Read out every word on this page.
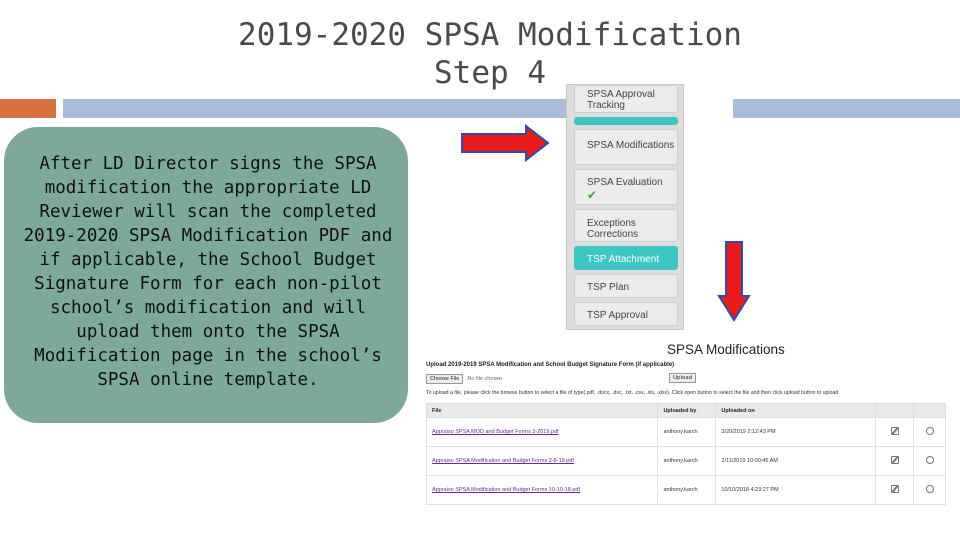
2019-2020 SPSA Modification
Step 4
After LD Director signs the SPSA modification the appropriate LD Reviewer will scan the completed 2019-2020 SPSA Modification PDF and if applicable, the School Budget Signature Form for each non-pilot school’s modification and will upload them onto the SPSA Modification page in the school’s SPSA online template.
SPSA Approval Tracking
SPSA Modifications
SPSA Evaluation
✔
Exceptions Corrections
TSP Attachment
TSP Plan
TSP Approval
SPSA Modifications
Upload 2019-2019 SPSA Modification and School Budget Signature Form (if applicable)
Choose File	No file chosen	Upload
To upload a file, please click the browse button to select a file of type(.pdf, .docx, .doc, .txt, .csv, .xls, .xlsx). Click open button to select the file and then click upload button to upload
File	Uploaded by	Uploaded on		
Appraiso SPSA MOD and Budget Forms 3-2019.pdf	anthony.karch	3/20/2019 2:12:43 PM		
Appraiso SPSA Modification and Budget Forms 2-8-19.pdf	anthony.karch	2/11/2019 10:00:45 AM		
Appraiso SPSA Modification and Budget Forms 10-10-18.pdf	anthony.karch	10/10/2018 4:23:27 PM		
